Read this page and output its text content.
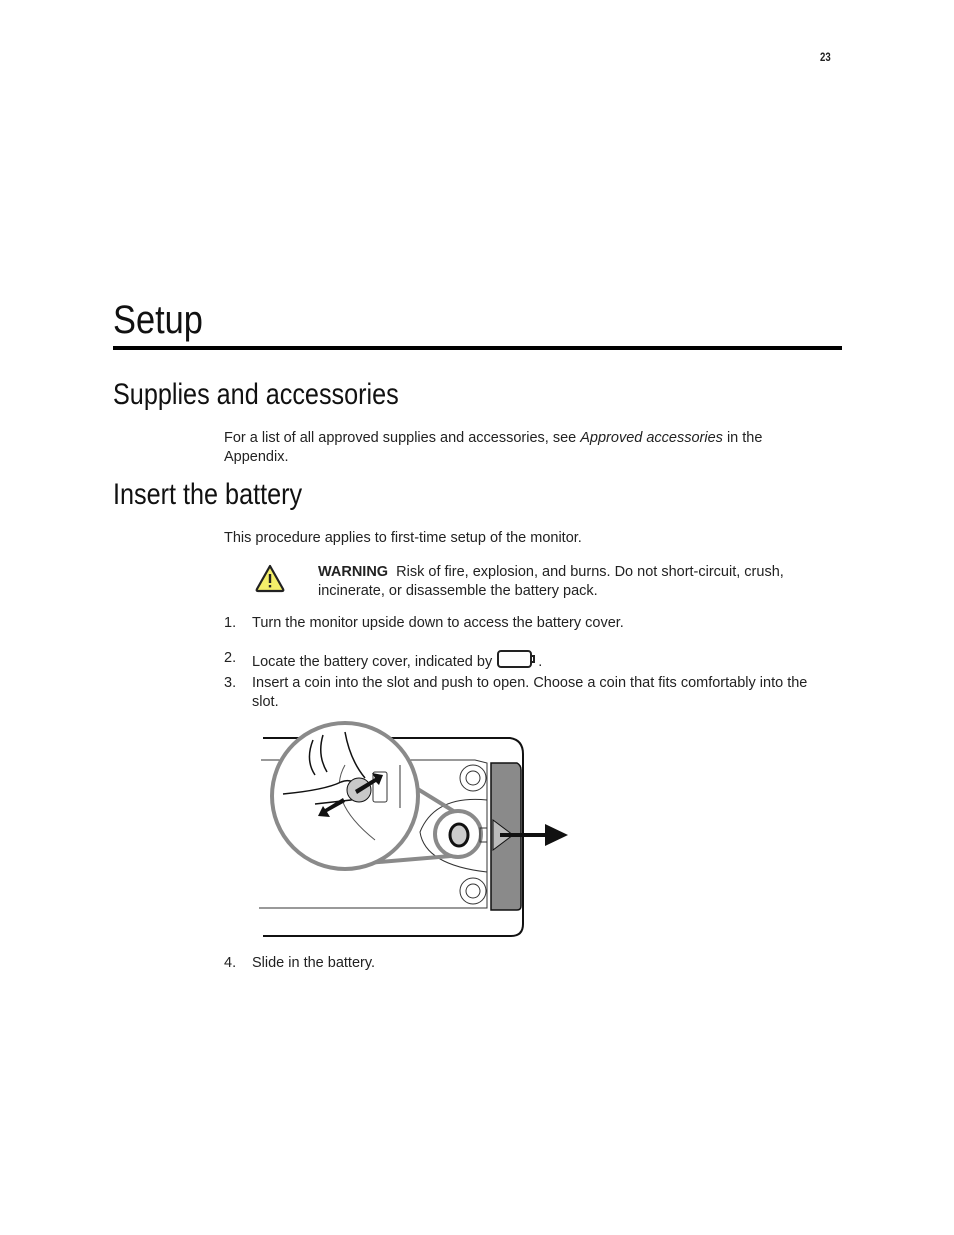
23
Setup
Supplies and accessories
For a list of all approved supplies and accessories, see Approved accessories in the Appendix.
Insert the battery
This procedure applies to first-time setup of the monitor.
WARNING Risk of fire, explosion, and burns. Do not short-circuit, crush, incinerate, or disassemble the battery pack.
1. Turn the monitor upside down to access the battery cover.
2. Locate the battery cover, indicated by	.
3. Insert a coin into the slot and push to open. Choose a coin that fits comfortably into the slot.
4. Slide in the battery.
